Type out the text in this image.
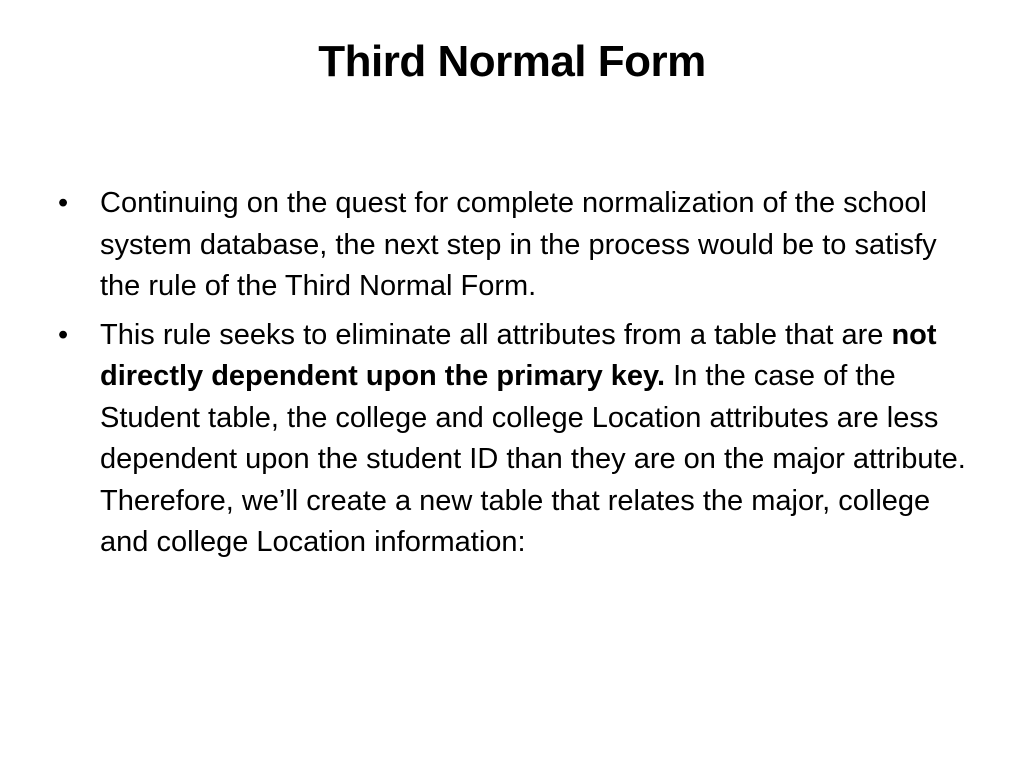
Third Normal Form
•	Continuing on the quest for complete normalization of the school system database, the next step in the process would be to satisfy the rule of the Third Normal Form.
•	This rule seeks to eliminate all attributes from a table that are not directly dependent upon the primary key. In the case of the Student table, the college and college Location attributes are less dependent upon the student ID than they are on the major attribute. Therefore, we’ll create a new table that relates the major, college and college Location information:
